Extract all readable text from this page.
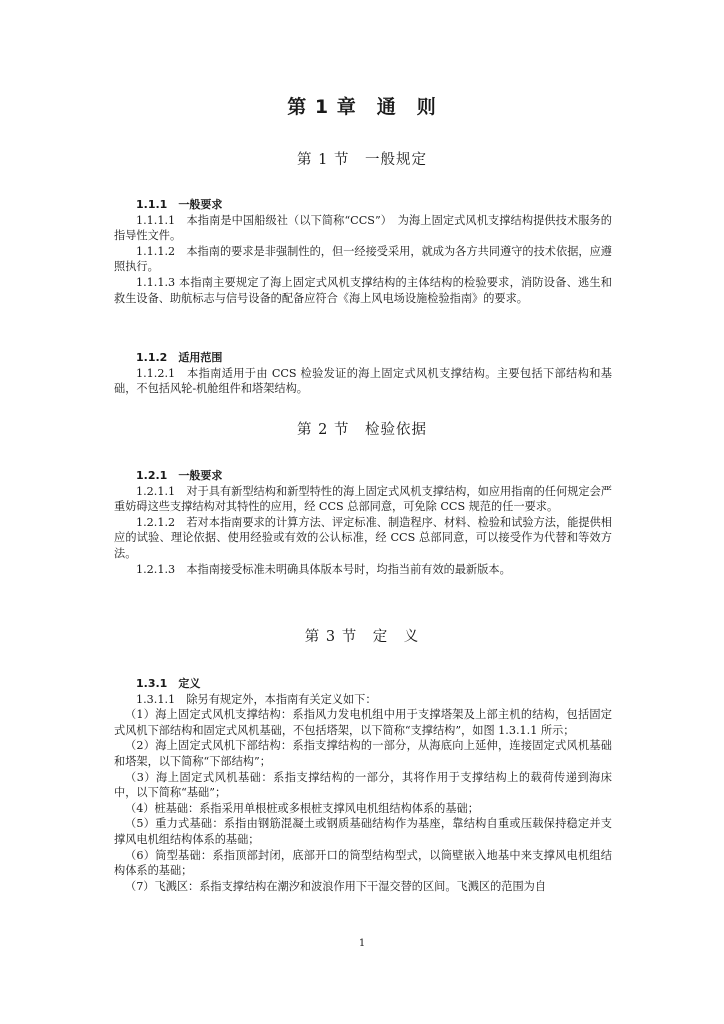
第 1 章　通　则
第 1 节　一般规定
1.1.1　一般要求

1.1.1.1　本指南是中国船级社（以下简称“CCS”）　为海上固定式风机支撑结构提供技术服务的指导性文件。

1.1.1.2　本指南的要求是非强制性的，但一经接受采用，就成为各方共同遵守的技术依据，应遵照执行。

1.1.1.3 本指南主要规定了海上固定式风机支撑结构的主体结构的检验要求，消防设备、逃生和救生设备、助航标志与信号设备的配备应符合《海上风电场设施检验指南》的要求。

1.1.2　适用范围

1.1.2.1　本指南适用于由 CCS 检验发证的海上固定式风机支撑结构。主要包括下部结构和基础，不包括风轮-机舱组件和塔架结构。

第 2 节　检验依据
1.2.1　一般要求

1.2.1.1　对于具有新型结构和新型特性的海上固定式风机支撑结构，如应用指南的任何规定会严重妨碍这些支撑结构对其特性的应用，经 CCS 总部同意，可免除 CCS 规范的任一要求。

1.2.1.2　若对本指南要求的计算方法、评定标准、制造程序、材料、检验和试验方法，能提供相应的试验、理论依据、使用经验或有效的公认标准，经 CCS 总部同意，可以接受作为代替和等效方法。

1.2.1.3　本指南接受标准未明确具体版本号时，均指当前有效的最新版本。

第 3 节　定　义
1.3.1　定义

1.3.1.1　除另有规定外，本指南有关定义如下：

（1）海上固定式风机支撑结构：系指风力发电机组中用于支撑塔架及上部主机的结构，包括固定式风机下部结构和固定式风机基础，不包括塔架，以下简称“支撑结构”，如图 1.3.1.1 所示；

（2）海上固定式风机下部结构：系指支撑结构的一部分，从海底向上延伸，连接固定式风机基础和塔架，以下简称“下部结构”；

（3）海上固定式风机基础：系指支撑结构的一部分，其将作用于支撑结构上的载荷传递到海床中，以下简称“基础”；

（4）桩基础：系指采用单根桩或多根桩支撑风电机组结构体系的基础；

（5）重力式基础：系指由钢筋混凝土或钢质基础结构作为基座，靠结构自重或压载保持稳定并支撑风电机组结构体系的基础；

（6）筒型基础：系指顶部封闭，底部开口的筒型结构型式，以筒壁嵌入地基中来支撑风电机组结构体系的基础；

（7）飞溅区：系指支撑结构在潮汐和波浪作用下干湿交替的区间。飞溅区的范围为自

1
